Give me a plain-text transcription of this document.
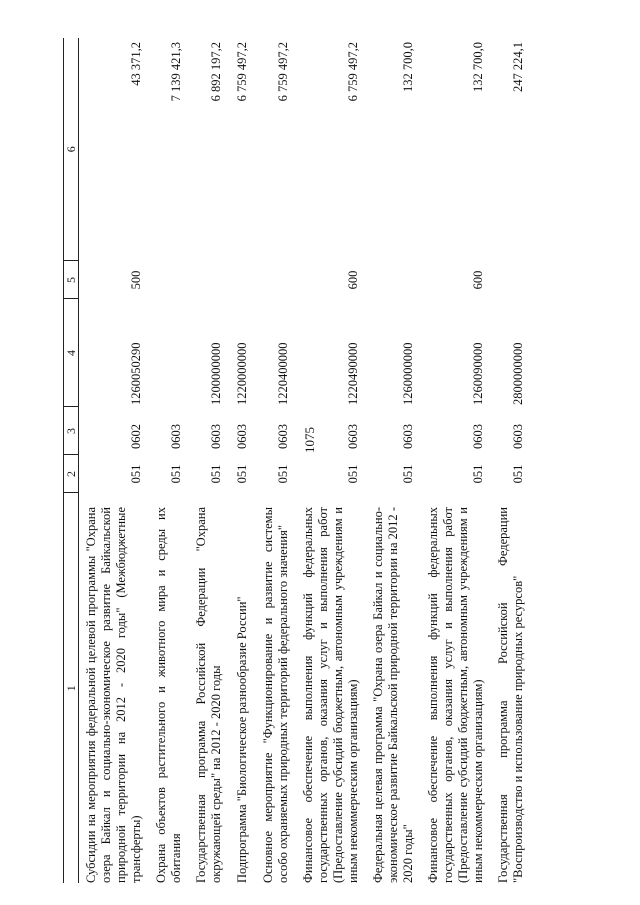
1075
1	2	3	4	5	6
Субсидии на мероприятия федеральной целевой программы "Охрана озера Байкал и социально-экономическое развитие Байкальской природной территории на 2012 - 2020 годы" (Межбюджетные трансферты)	051	0602	1260050290	500	43 371,2
Охрана объектов растительного и животного мира и среды их обитания	051	0603			7 139 421,3
Государственная программа Российской Федерации "Охрана окружающей среды" на 2012 - 2020 годы	051	0603	1200000000		6 892 197,2
Подпрограмма "Биологическое разнообразие России"	051	0603	1220000000		6 759 497,2
Основное мероприятие "Функционирование и развитие системы особо охраняемых природных территорий федерального значения"	051	0603	1220400000		6 759 497,2
Финансовое обеспечение выполнения функций федеральных государственных органов, оказания услуг и выполнения работ (Предоставление субсидий бюджетным, автономным учреждениям и иным некоммерческим организациям)	051	0603	1220490000	600	6 759 497,2
Федеральная целевая программа "Охрана озера Байкал и социально-экономическое развитие Байкальской природной территории на 2012 - 2020 годы"	051	0603	1260000000		132 700,0
Финансовое обеспечение выполнения функций федеральных государственных органов, оказания услуг и выполнения работ (Предоставление субсидий бюджетным, автономным учреждениям и иным некоммерческим организациям)	051	0603	1260090000	600	132 700,0
Государственная программа Российской Федерации "Воспроизводство и использование природных ресурсов"	051	0603	2800000000		247 224,1
